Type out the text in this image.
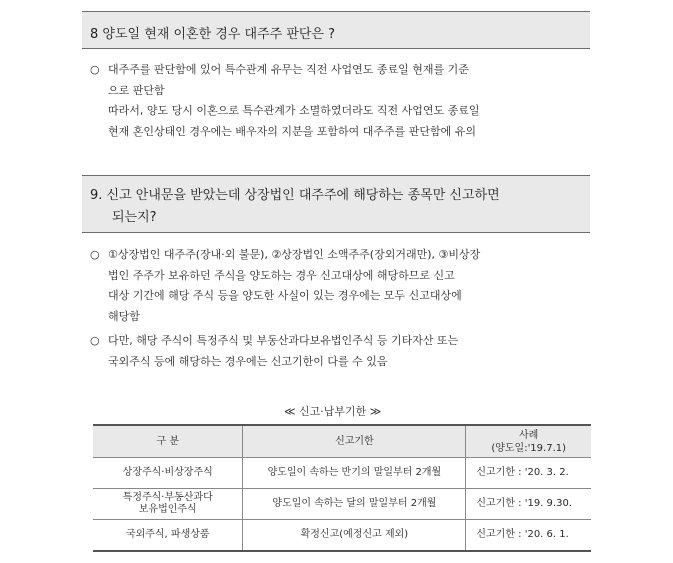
8 양도일 현재 이혼한 경우 대주주 판단은 ?
○ 대주주를 판단함에 있어 특수관계 유무는 직전 사업연도 종료일 현재를 기준
으로 판단함
따라서, 양도 당시 이혼으로 특수관계가 소멸하였더라도 직전 사업연도 종료일
현재 혼인상태인 경우에는 배우자의 지분을 포함하여 대주주를 판단함에 유의
9. 신고 안내문을 받았는데 상장법인 대주주에 해당하는 종목만 신고하면
되는지?
○ ①상장법인 대주주(장내·외 불문), ②상장법인 소액주주(장외거래만), ③비상장
법인 주주가 보유하던 주식을 양도하는 경우 신고대상에 해당하므로 신고
대상 기간에 해당 주식 등을 양도한 사실이 있는 경우에는 모두 신고대상에
해당함
○ 다만, 해당 주식이 특정주식 및 부동산과다보유법인주식 등 기타자산 또는
국외주식 등에 해당하는 경우에는 신고기한이 다를 수 있음
≪ 신고·납부기한 ≫
구 분	신고기한	사례
(양도일:'19.7.1)

상장주식·비상장주식	양도일이 속하는 반기의 말일부터 2개월	신고기한 : '20. 3. 2.

특정주식·부동산과다
보유법인주식	양도일이 속하는 달의 말일부터 2개월	신고기한 : '19. 9.30.

국외주식, 파생상품	확정신고(예정신고 제외)	신고기한 : '20. 6. 1.
